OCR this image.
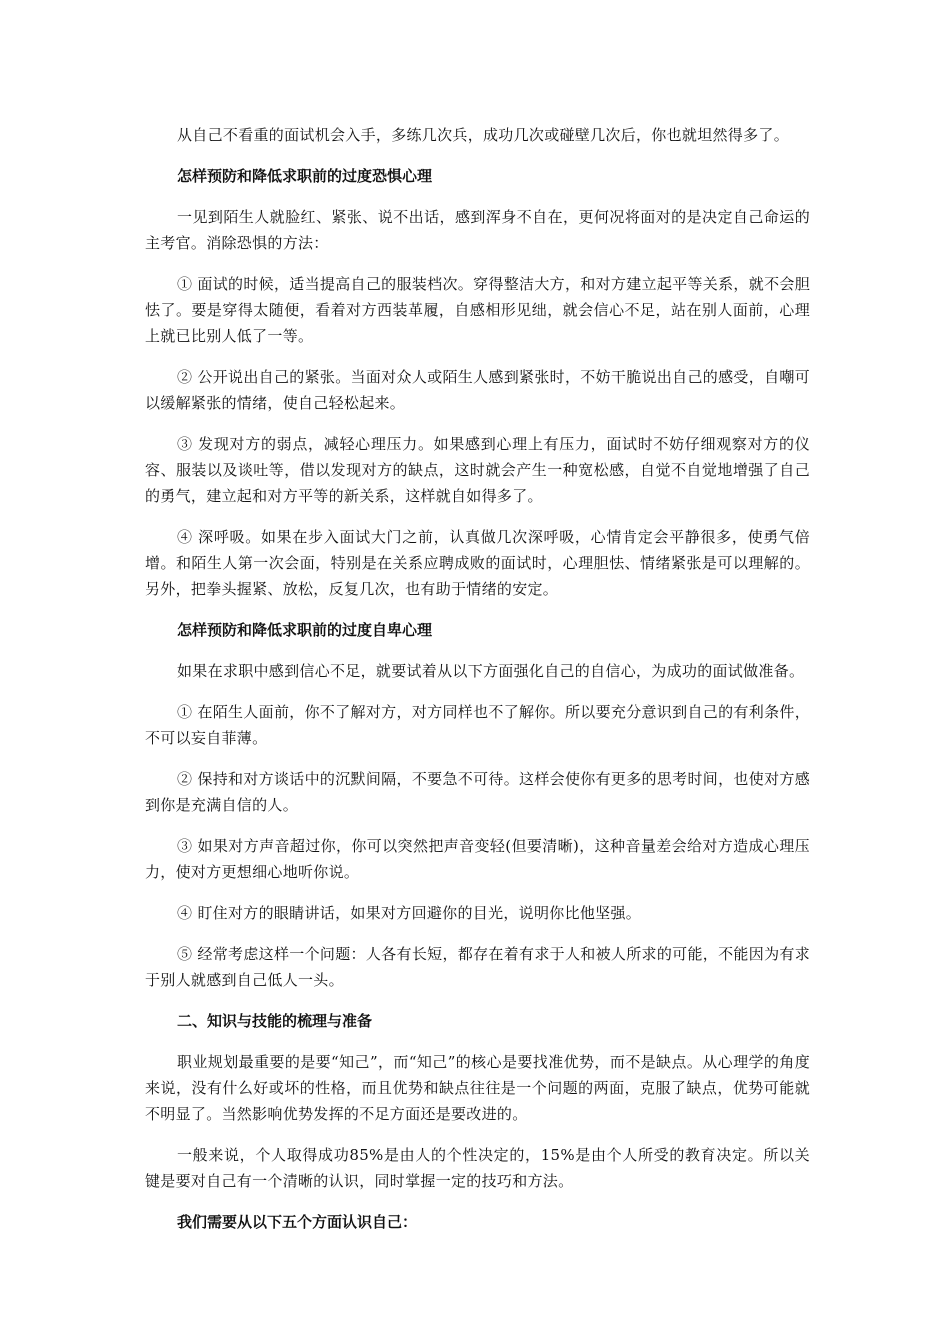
从自己不看重的面试机会入手，多练几次兵，成功几次或碰壁几次后，你也就坦然得多了。

怎样预防和降低求职前的过度恐惧心理

一见到陌生人就脸红、紧张、说不出话，感到浑身不自在，更何况将面对的是决定自己命运的主考官。消除恐惧的方法：

① 面试的时候，适当提高自己的服装档次。穿得整洁大方，和对方建立起平等关系，就不会胆怯了。要是穿得太随便，看着对方西装革履，自感相形见绌，就会信心不足，站在别人面前，心理上就已比别人低了一等。

② 公开说出自己的紧张。当面对众人或陌生人感到紧张时，不妨干脆说出自己的感受，自嘲可以缓解紧张的情绪，使自己轻松起来。

③ 发现对方的弱点，减轻心理压力。如果感到心理上有压力，面试时不妨仔细观察对方的仪容、服装以及谈吐等，借以发现对方的缺点，这时就会产生一种宽松感，自觉不自觉地增强了自己的勇气，建立起和对方平等的新关系，这样就自如得多了。

④ 深呼吸。如果在步入面试大门之前，认真做几次深呼吸，心情肯定会平静很多，使勇气倍增。和陌生人第一次会面，特别是在关系应聘成败的面试时，心理胆怯、情绪紧张是可以理解的。另外，把拳头握紧、放松，反复几次，也有助于情绪的安定。

怎样预防和降低求职前的过度自卑心理

如果在求职中感到信心不足，就要试着从以下方面强化自己的自信心，为成功的面试做准备。

① 在陌生人面前，你不了解对方，对方同样也不了解你。所以要充分意识到自己的有利条件，不可以妄自菲薄。

② 保持和对方谈话中的沉默间隔，不要急不可待。这样会使你有更多的思考时间，也使对方感到你是充满自信的人。

③ 如果对方声音超过你，你可以突然把声音变轻(但要清晰)，这种音量差会给对方造成心理压力，使对方更想细心地听你说。

④ 盯住对方的眼睛讲话，如果对方回避你的目光，说明你比他坚强。

⑤ 经常考虑这样一个问题：人各有长短，都存在着有求于人和被人所求的可能，不能因为有求于别人就感到自己低人一头。

二、知识与技能的梳理与准备

职业规划最重要的是要“知己”，而“知己”的核心是要找准优势，而不是缺点。从心理学的角度来说，没有什么好或坏的性格，而且优势和缺点往往是一个问题的两面，克服了缺点，优势可能就不明显了。当然影响优势发挥的不足方面还是要改进的。

一般来说，个人取得成功85%是由人的个性决定的，15%是由个人所受的教育决定。所以关键是要对自己有一个清晰的认识，同时掌握一定的技巧和方法。

我们需要从以下五个方面认识自己：
